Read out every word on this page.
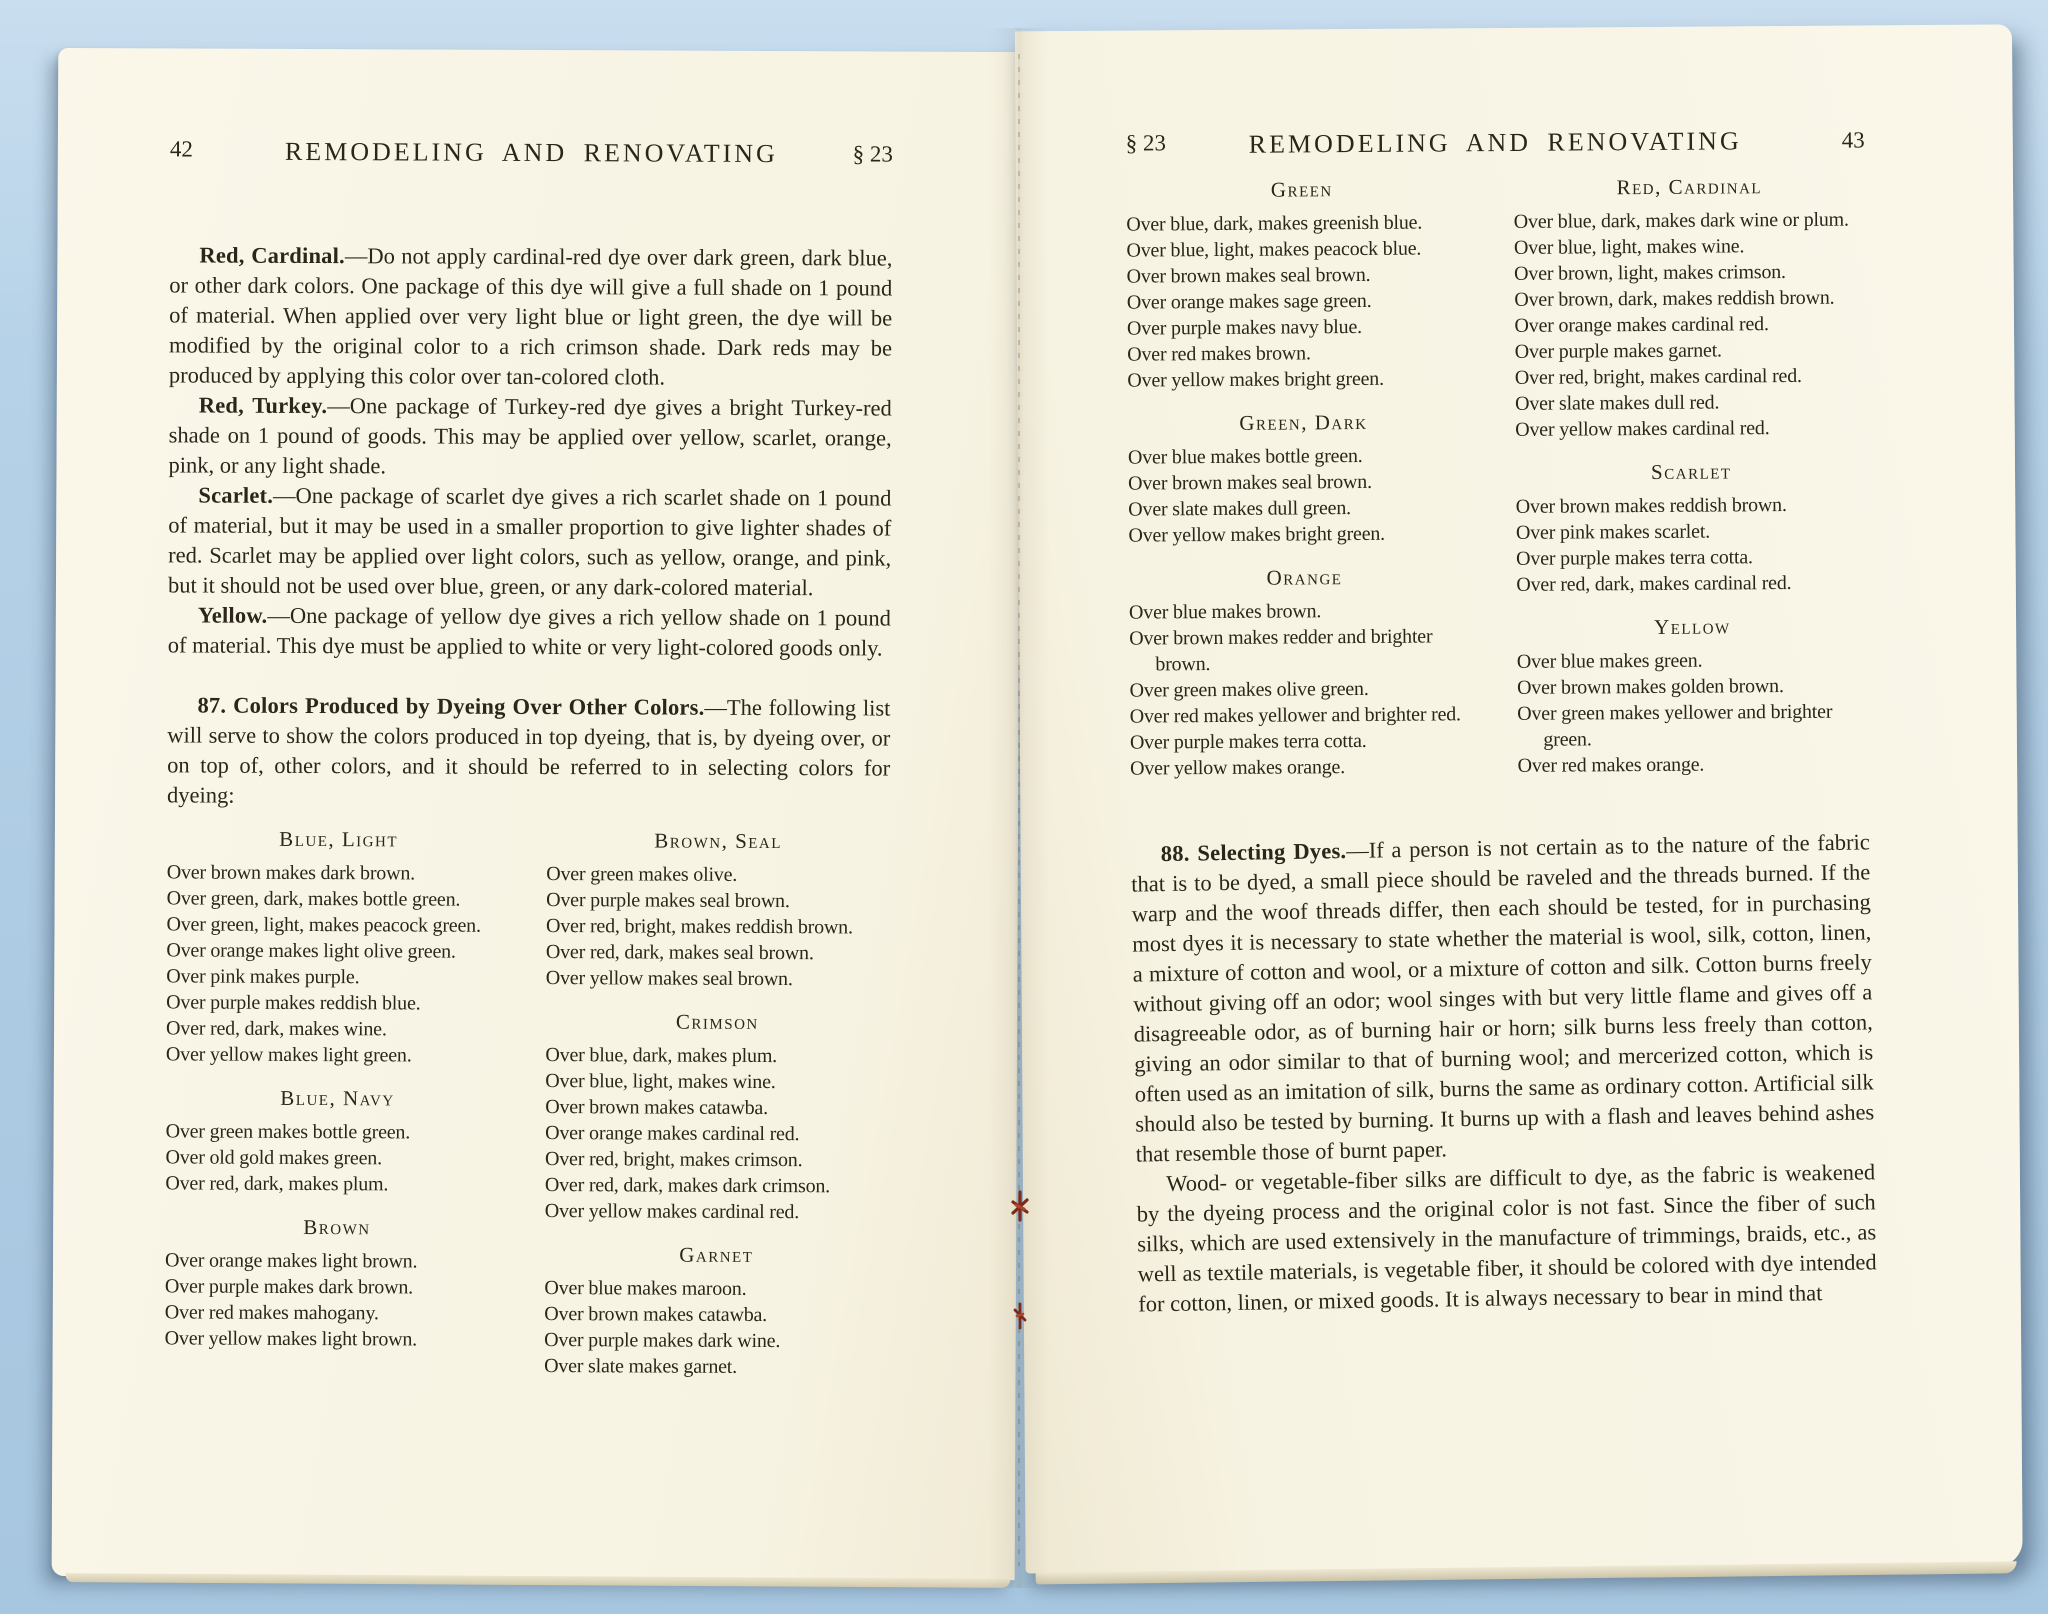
42	REMODELING AND RENOVATING	§ 23

Red, Cardinal.—Do not apply cardinal-red dye over dark green, dark blue, or other dark colors. One package of this dye will give a full shade on 1 pound of material. When applied over very light blue or light green, the dye will be modified by the original color to a rich crimson shade. Dark reds may be produced by applying this color over tan-colored cloth.

Red, Turkey.—One package of Turkey-red dye gives a bright Turkey-red shade on 1 pound of goods. This may be applied over yellow, scarlet, orange, pink, or any light shade.

Scarlet.—One package of scarlet dye gives a rich scarlet shade on 1 pound of material, but it may be used in a smaller proportion to give lighter shades of red. Scarlet may be applied over light colors, such as yellow, orange, and pink, but it should not be used over blue, green, or any dark-colored material.

Yellow.—One package of yellow dye gives a rich yellow shade on 1 pound of material. This dye must be applied to white or very light-colored goods only.

87. Colors Produced by Dyeing Over Other Colors.—The following list will serve to show the colors produced in top dyeing, that is, by dyeing over, or on top of, other colors, and it should be referred to in selecting colors for dyeing:

Blue, Light
Over brown makes dark brown.
Over green, dark, makes bottle green.
Over green, light, makes peacock green.
Over orange makes light olive green.
Over pink makes purple.
Over purple makes reddish blue.
Over red, dark, makes wine.
Over yellow makes light green.
Blue, Navy
Over green makes bottle green.
Over old gold makes green.
Over red, dark, makes plum.
Brown
Over orange makes light brown.
Over purple makes dark brown.
Over red makes mahogany.
Over yellow makes light brown.
Brown, Seal
Over green makes olive.
Over purple makes seal brown.
Over red, bright, makes reddish brown.
Over red, dark, makes seal brown.
Over yellow makes seal brown.
Crimson
Over blue, dark, makes plum.
Over blue, light, makes wine.
Over brown makes catawba.
Over orange makes cardinal red.
Over red, bright, makes crimson.
Over red, dark, makes dark crimson.
Over yellow makes cardinal red.
Garnet
Over blue makes maroon.
Over brown makes catawba.
Over purple makes dark wine.
Over slate makes garnet.
§ 23	REMODELING AND RENOVATING	43
Green
Over blue, dark, makes greenish blue.
Over blue, light, makes peacock blue.
Over brown makes seal brown.
Over orange makes sage green.
Over purple makes navy blue.
Over red makes brown.
Over yellow makes bright green.
Green, Dark
Over blue makes bottle green.
Over brown makes seal brown.
Over slate makes dull green.
Over yellow makes bright green.
Orange
Over blue makes brown.
Over brown makes redder and brighter brown.
Over green makes olive green.
Over red makes yellower and brighter red.
Over purple makes terra cotta.
Over yellow makes orange.
Red, Cardinal
Over blue, dark, makes dark wine or plum.
Over blue, light, makes wine.
Over brown, light, makes crimson.
Over brown, dark, makes reddish brown.
Over orange makes cardinal red.
Over purple makes garnet.
Over red, bright, makes cardinal red.
Over slate makes dull red.
Over yellow makes cardinal red.
Scarlet
Over brown makes reddish brown.
Over pink makes scarlet.
Over purple makes terra cotta.
Over red, dark, makes cardinal red.
Yellow
Over blue makes green.
Over brown makes golden brown.
Over green makes yellower and brighter green.
Over red makes orange.

88. Selecting Dyes.—If a person is not certain as to the nature of the fabric that is to be dyed, a small piece should be raveled and the threads burned. If the warp and the woof threads differ, then each should be tested, for in purchasing most dyes it is necessary to state whether the material is wool, silk, cotton, linen, a mixture of cotton and wool, or a mixture of cotton and silk. Cotton burns freely without giving off an odor; wool singes with but very little flame and gives off a disagreeable odor, as of burning hair or horn; silk burns less freely than cotton, giving an odor similar to that of burning wool; and mercerized cotton, which is often used as an imitation of silk, burns the same as ordinary cotton. Artificial silk should also be tested by burning. It burns up with a flash and leaves behind ashes that resemble those of burnt paper.

Wood- or vegetable-fiber silks are difficult to dye, as the fabric is weakened by the dyeing process and the original color is not fast. Since the fiber of such silks, which are used extensively in the manufacture of trimmings, braids, etc., as well as textile materials, is vegetable fiber, it should be colored with dye intended for cotton, linen, or mixed goods. It is always necessary to bear in mind that
